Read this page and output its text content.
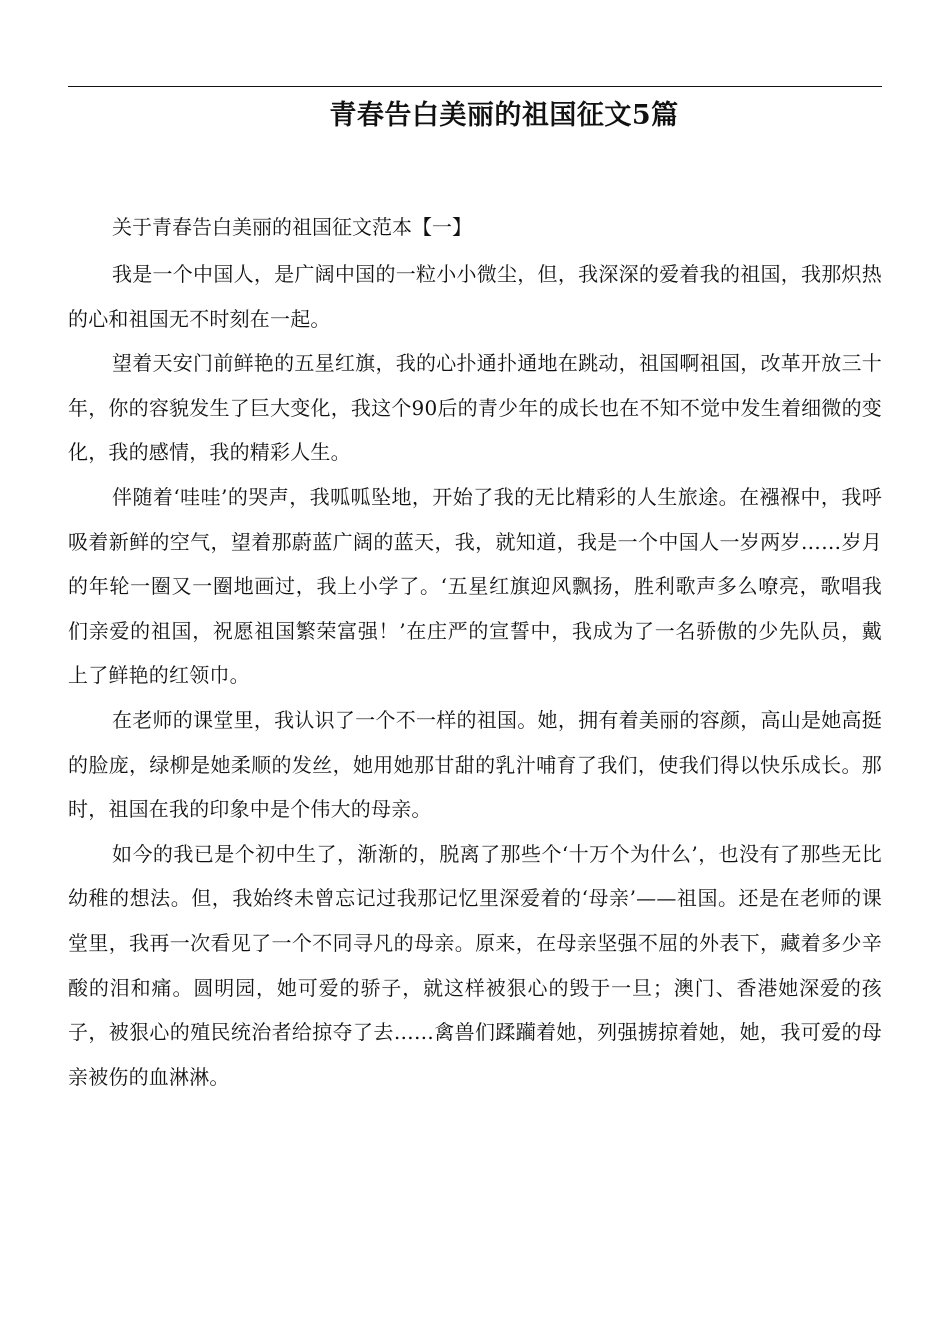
青春告白美丽的祖国征文5篇

关于青春告白美丽的祖国征文范本【一】

我是一个中国人，是广阔中国的一粒小小微尘，但，我深深的爱着我的祖国，我那炽热的心和祖国无不时刻在一起。

望着天安门前鲜艳的五星红旗，我的心扑通扑通地在跳动，祖国啊祖国，改革开放三十年，你的容貌发生了巨大变化，我这个90后的青少年的成长也在不知不觉中发生着细微的变化，我的感情，我的精彩人生。

伴随着‘哇哇’的哭声，我呱呱坠地，开始了我的无比精彩的人生旅途。在襁褓中，我呼吸着新鲜的空气，望着那蔚蓝广阔的蓝天，我，就知道，我是一个中国人一岁两岁……岁月的年轮一圈又一圈地画过，我上小学了。‘五星红旗迎风飘扬，胜利歌声多么嘹亮，歌唱我们亲爱的祖国，祝愿祖国繁荣富强！’在庄严的宣誓中，我成为了一名骄傲的少先队员，戴上了鲜艳的红领巾。

在老师的课堂里，我认识了一个不一样的祖国。她，拥有着美丽的容颜，高山是她高挺的脸庞，绿柳是她柔顺的发丝，她用她那甘甜的乳汁哺育了我们，使我们得以快乐成长。那时，祖国在我的印象中是个伟大的母亲。

如今的我已是个初中生了，渐渐的，脱离了那些个‘十万个为什么’，也没有了那些无比幼稚的想法。但，我始终未曾忘记过我那记忆里深爱着的‘母亲’——祖国。还是在老师的课堂里，我再一次看见了一个不同寻凡的母亲。原来，在母亲坚强不屈的外表下，藏着多少辛酸的泪和痛。圆明园，她可爱的骄子，就这样被狠心的毁于一旦；澳门、香港她深爱的孩子，被狠心的殖民统治者给掠夺了去……禽兽们蹂躏着她，列强掳掠着她，她，我可爱的母亲被伤的血淋淋。
